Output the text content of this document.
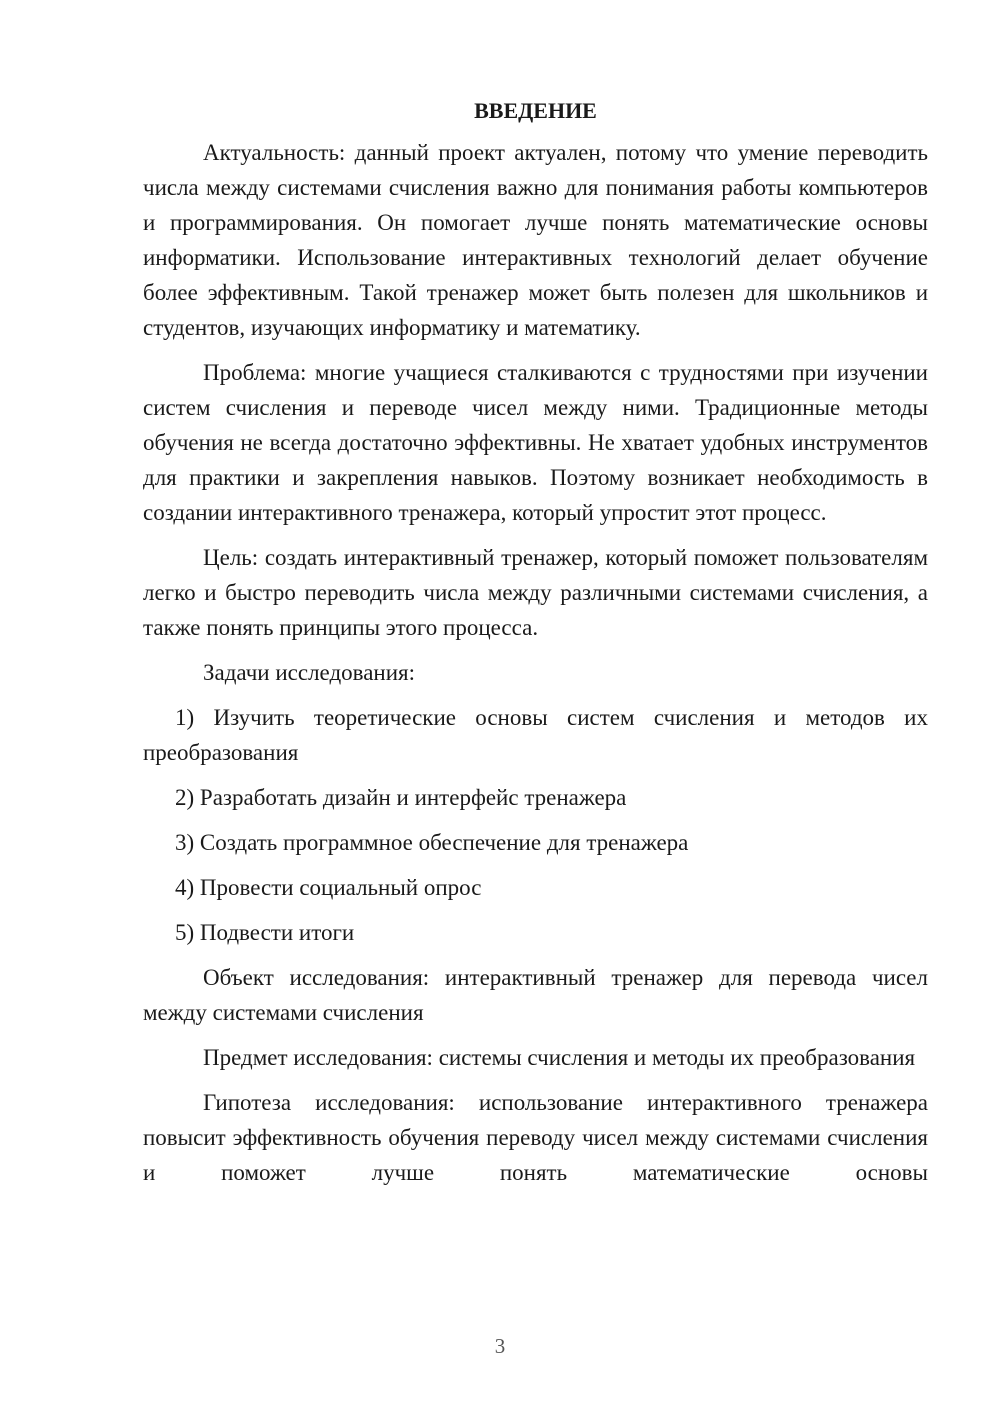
ВВЕДЕНИЕ

Актуальность: данный проект актуален, потому что умение переводить числа между системами счисления важно для понимания работы компьютеров и программирования. Он помогает лучше понять математические основы информатики. Использование интерактивных технологий делает обучение более эффективным. Такой тренажер может быть полезен для школьников и студентов, изучающих информатику и математику.

Проблема: многие учащиеся сталкиваются с трудностями при изучении систем счисления и переводе чисел между ними. Традиционные методы обучения не всегда достаточно эффективны. Не хватает удобных инструментов для практики и закрепления навыков. Поэтому возникает необходимость в создании интерактивного тренажера, который упростит этот процесс.

Цель: создать интерактивный тренажер, который поможет пользователям легко и быстро переводить числа между различными системами счисления, а также понять принципы этого процесса.

Задачи исследования:

1) Изучить теоретические основы систем счисления и методов их преобразования

2) Разработать дизайн и интерфейс тренажера

3) Создать программное обеспечение для тренажера

4) Провести социальный опрос

5) Подвести итоги

Объект исследования: интерактивный тренажер для перевода чисел между системами счисления

Предмет исследования: системы счисления и методы их преобразования

Гипотеза исследования: использование интерактивного тренажера повысит эффективность обучения переводу чисел между системами счисления и поможет лучше понять математические основы

3
